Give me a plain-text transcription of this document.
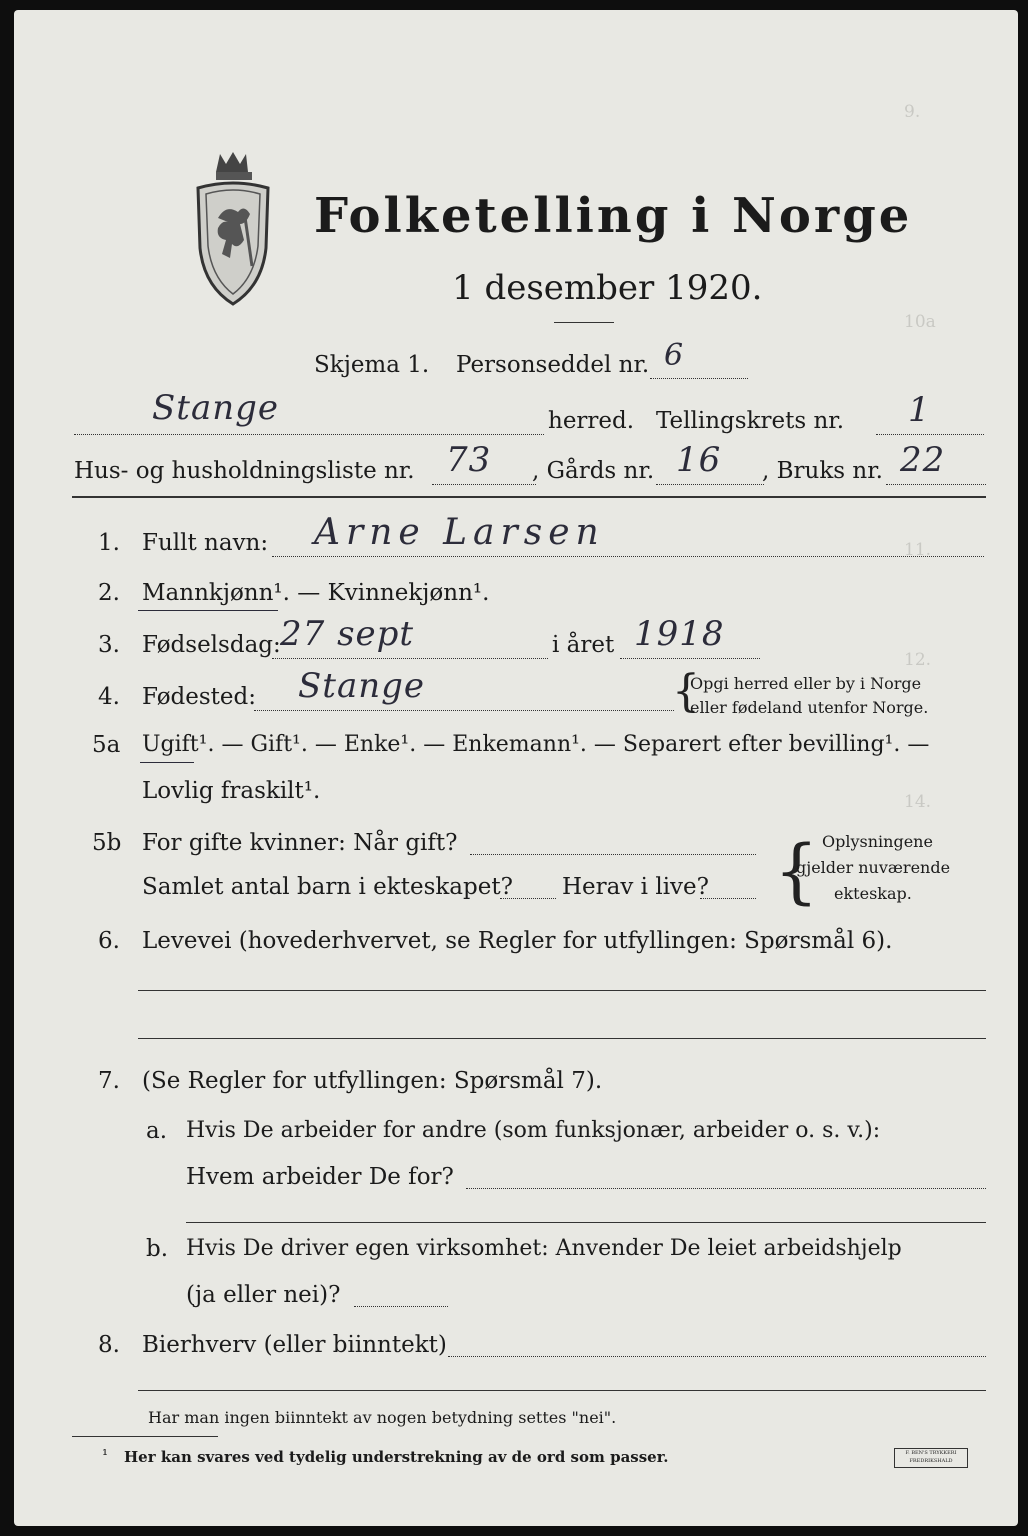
9.
10a
11.
12.
14.
Folketelling i Norge
1 desember 1920.
Skjema 1. Personseddel nr. 6
Stange	herred. Tellingskrets nr. 1
Hus- og husholdningsliste nr. 73 , Gårds nr. 16 , Bruks nr. 22
1. Fullt navn: Arne Larsen
2. Mannkjønn¹. — Kvinnekjønn¹.
3. Fødselsdag: 27 sept	i året 1918
4. Fødested: Stange	{
Opgi herred eller by i Norge
eller fødeland utenfor Norge.
5a Ugift¹. — Gift¹. — Enke¹. — Enkemann¹. — Separert efter bevilling¹. —
Lovlig fraskilt¹.
5b For gifte kvinner: Når gift?
Samlet antal barn i ekteskapet? Herav i live? { Oplysningene
gjelder nuværende
ekteskap.
6. Levevei (hovederhvervet, se Regler for utfyllingen: Spørsmål 6).
7. (Se Regler for utfyllingen: Spørsmål 7).
a. Hvis De arbeider for andre (som funksjonær, arbeider o. s. v.):
Hvem arbeider De for?
b. Hvis De driver egen virksomhet: Anvender De leiet arbeidshjelp
(ja eller nei)?
8. Bierhverv (eller biinntekt)
Har man ingen biinntekt av nogen betydning settes "nei".
¹ Her kan svares ved tydelig understrekning av de ord som passer.	F. BEN'S TRYKKERI FREDRIKSHALD
